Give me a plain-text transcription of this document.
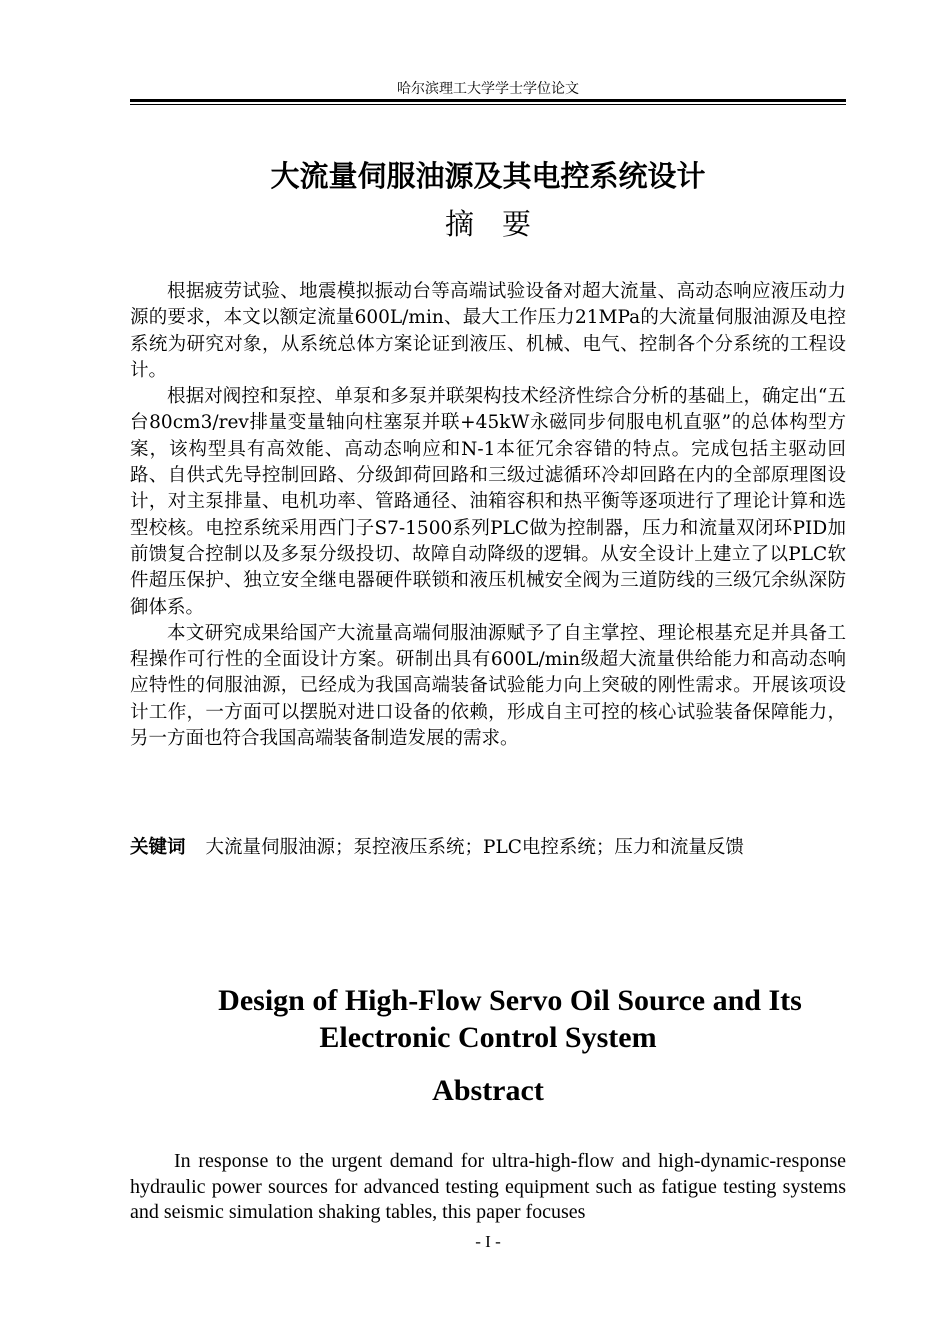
哈尔滨理工大学学士学位论文
大流量伺服油源及其电控系统设计
摘要

根据疲劳试验、地震模拟振动台等高端试验设备对超大流量、高动态响应液压动力源的要求，本文以额定流量600L/min、最大工作压力21MPa的大流量伺服油源及电控系统为研究对象，从系统总体方案论证到液压、机械、电气、控制各个分系统的工程设计。

根据对阀控和泵控、单泵和多泵并联架构技术经济性综合分析的基础上，确定出“五台80cm3/rev排量变量轴向柱塞泵并联+45kW永磁同步伺服电机直驱”的总体构型方案，该构型具有高效能、高动态响应和N-1本征冗余容错的特点。完成包括主驱动回路、自供式先导控制回路、分级卸荷回路和三级过滤循环冷却回路在内的全部原理图设计，对主泵排量、电机功率、管路通径、油箱容积和热平衡等逐项进行了理论计算和选型校核。电控系统采用西门子S7-1500系列PLC做为控制器，压力和流量双闭环PID加前馈复合控制以及多泵分级投切、故障自动降级的逻辑。从安全设计上建立了以PLC软件超压保护、独立安全继电器硬件联锁和液压机械安全阀为三道防线的三级冗余纵深防御体系。

本文研究成果给国产大流量高端伺服油源赋予了自主掌控、理论根基充足并具备工程操作可行性的全面设计方案。研制出具有600L/min级超大流量供给能力和高动态响应特性的伺服油源，已经成为我国高端装备试验能力向上突破的刚性需求。开展该项设计工作，一方面可以摆脱对进口设备的依赖，形成自主可控的核心试验装备保障能力，另一方面也符合我国高端装备制造发展的需求。

关键词 大流量伺服油源；泵控液压系统；PLC电控系统；压力和流量反馈
Design of High-Flow Servo Oil Source and Its
Electronic Control System
Abstract

In response to the urgent demand for ultra-high-flow and high-dynamic-response hydraulic power sources for advanced testing equipment such as fatigue testing systems and seismic simulation shaking tables, this paper focuses

- I -
